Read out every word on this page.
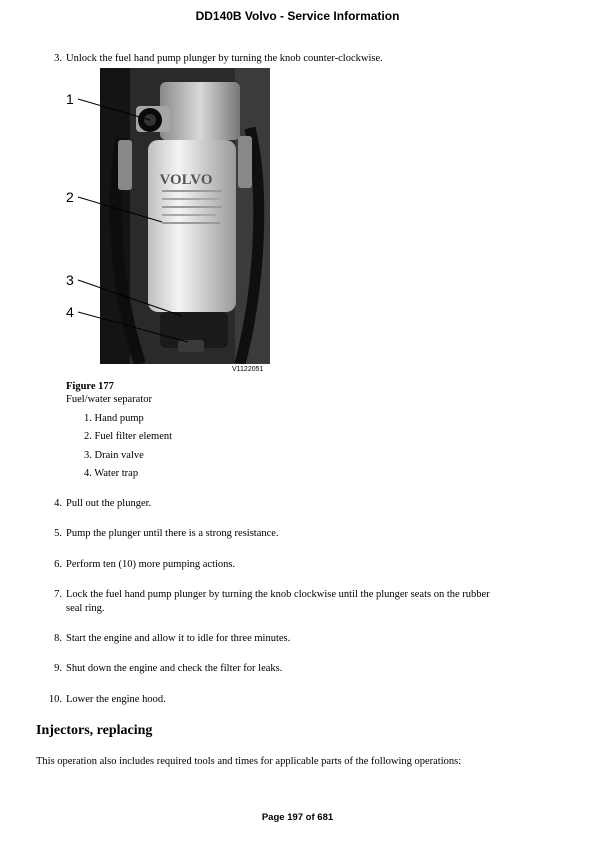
DD140B Volvo - Service Information
3. Unlock the fuel hand pump plunger by turning the knob counter-clockwise.
VOLVO
1
2
3
4
V1122051
Figure 177
Fuel/water separator
1. Hand pump
2. Fuel filter element
3. Drain valve
4. Water trap
4. Pull out the plunger.
5. Pump the plunger until there is a strong resistance.
6. Perform ten (10) more pumping actions.
7. Lock the fuel hand pump plunger by turning the knob clockwise until the plunger seats on the rubber
seal ring.
8. Start the engine and allow it to idle for three minutes.
9. Shut down the engine and check the filter for leaks.
10. Lower the engine hood.
Injectors, replacing
This operation also includes required tools and times for applicable parts of the following operations:
Page 197 of 681
